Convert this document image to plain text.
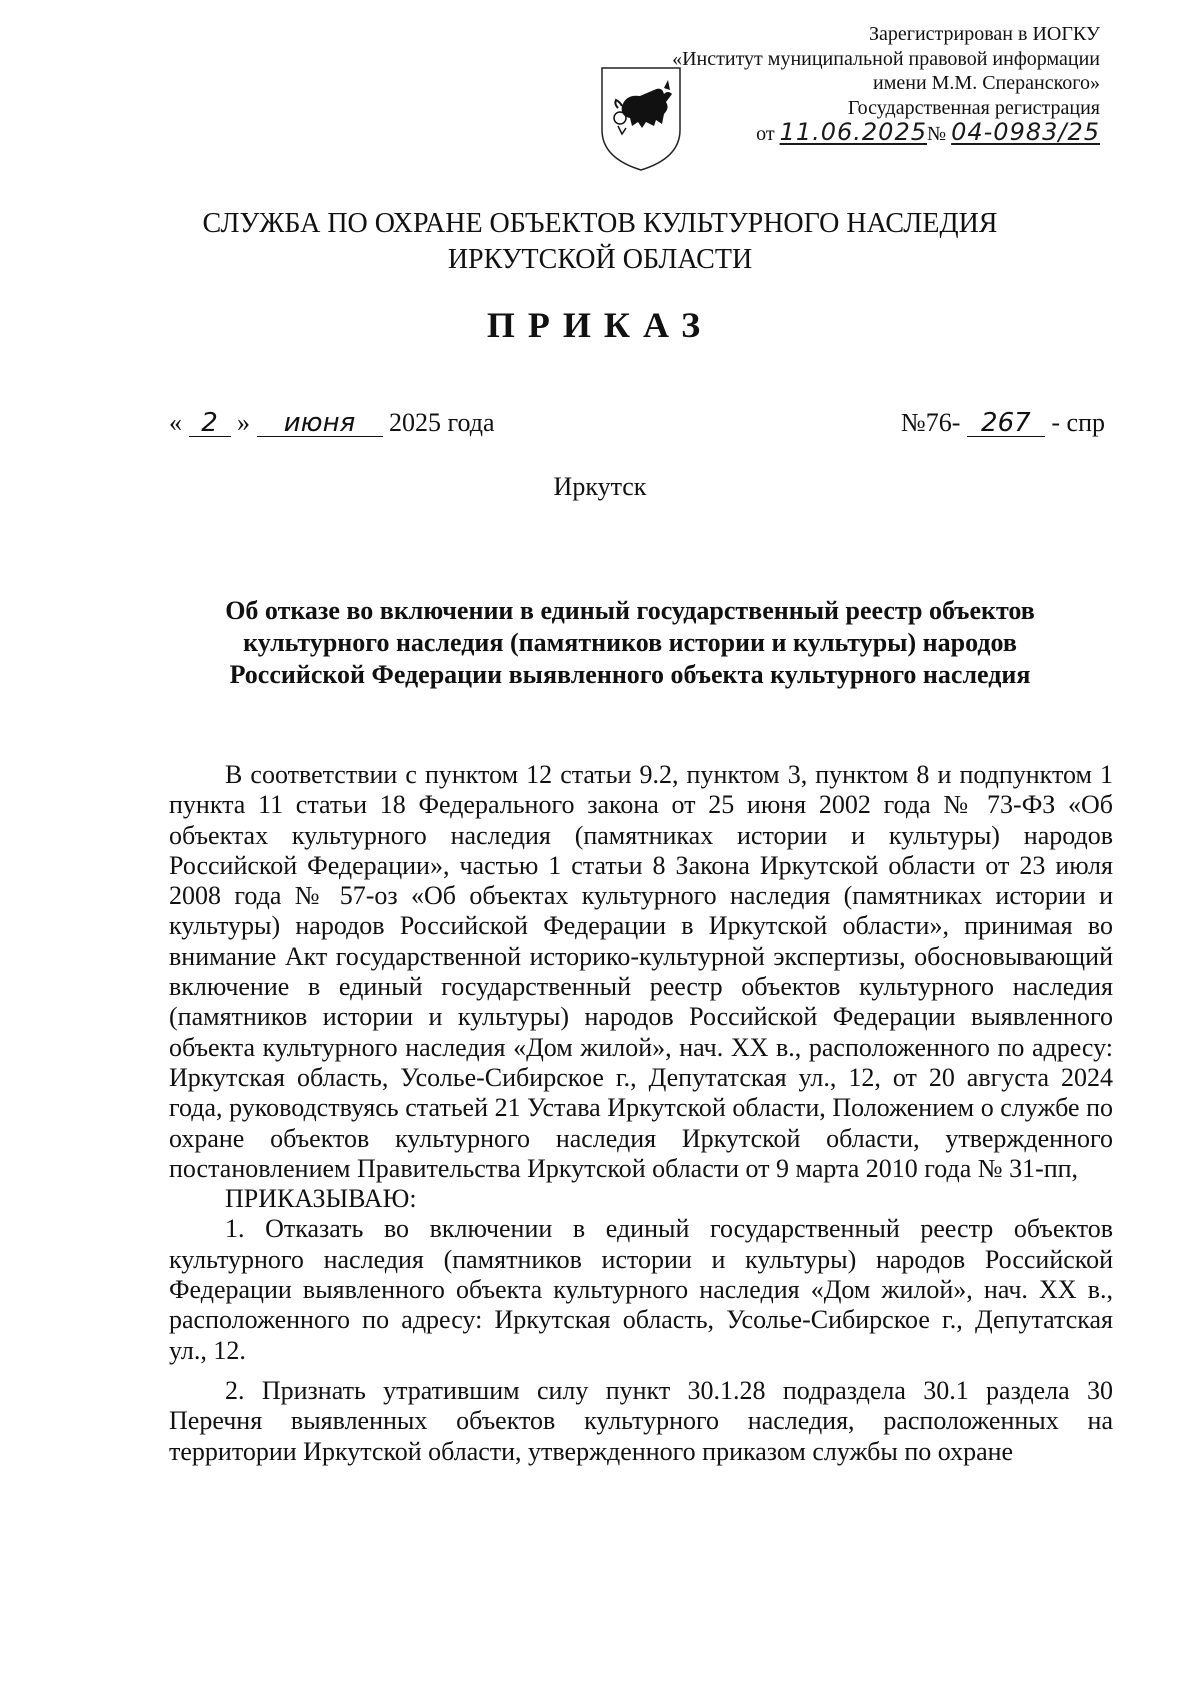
Зарегистрирован в ИОГКУ
«Институт муниципальной правовой информации
имени М.М. Сперанского»
Государственная регистрация
от 11.06.2025№ 04-0983/25
СЛУЖБА ПО ОХРАНЕ ОБЪЕКТОВ КУЛЬТУРНОГО НАСЛЕДИЯ
ИРКУТСКОЙ ОБЛАСТИ
ПРИКАЗ
« 2 » июня 2025 года	№76- 267 - спр
Иркутск
Об отказе во включении в единый государственный реестр объектов
культурного наследия (памятников истории и культуры) народов
Российской Федерации выявленного объекта культурного наследия

В соответствии с пунктом 12 статьи 9.2, пунктом 3, пунктом 8 и подпунктом 1 пункта 11 статьи 18 Федерального закона от 25 июня 2002 года № 73-ФЗ «Об объектах культурного наследия (памятниках истории и культуры) народов Российской Федерации», частью 1 статьи 8 Закона Иркутской области от 23 июля 2008 года № 57-оз «Об объектах культурного наследия (памятниках истории и культуры) народов Российской Федерации в Иркутской области», принимая во внимание Акт государственной историко-культурной экспертизы, обосновывающий включение в единый государственный реестр объектов культурного наследия (памятников истории и культуры) народов Российской Федерации выявленного объекта культурного наследия «Дом жилой», нач. XX в., расположенного по адресу: Иркутская область, Усолье-Сибирское г., Депутатская ул., 12, от 20 августа 2024 года, руководствуясь статьей 21 Устава Иркутской области, Положением о службе по охране объектов культурного наследия Иркутской области, утвержденного постановлением Правительства Иркутской области от 9 марта 2010 года № 31-пп,

ПРИКАЗЫВАЮ:

1. Отказать во включении в единый государственный реестр объектов культурного наследия (памятников истории и культуры) народов Российской Федерации выявленного объекта культурного наследия «Дом жилой», нач. XX в., расположенного по адресу: Иркутская область, Усолье-Сибирское г., Депутатская ул., 12.

2. Признать утратившим силу пункт 30.1.28 подраздела 30.1 раздела 30 Перечня выявленных объектов культурного наследия, расположенных на территории Иркутской области, утвержденного приказом службы по охране
